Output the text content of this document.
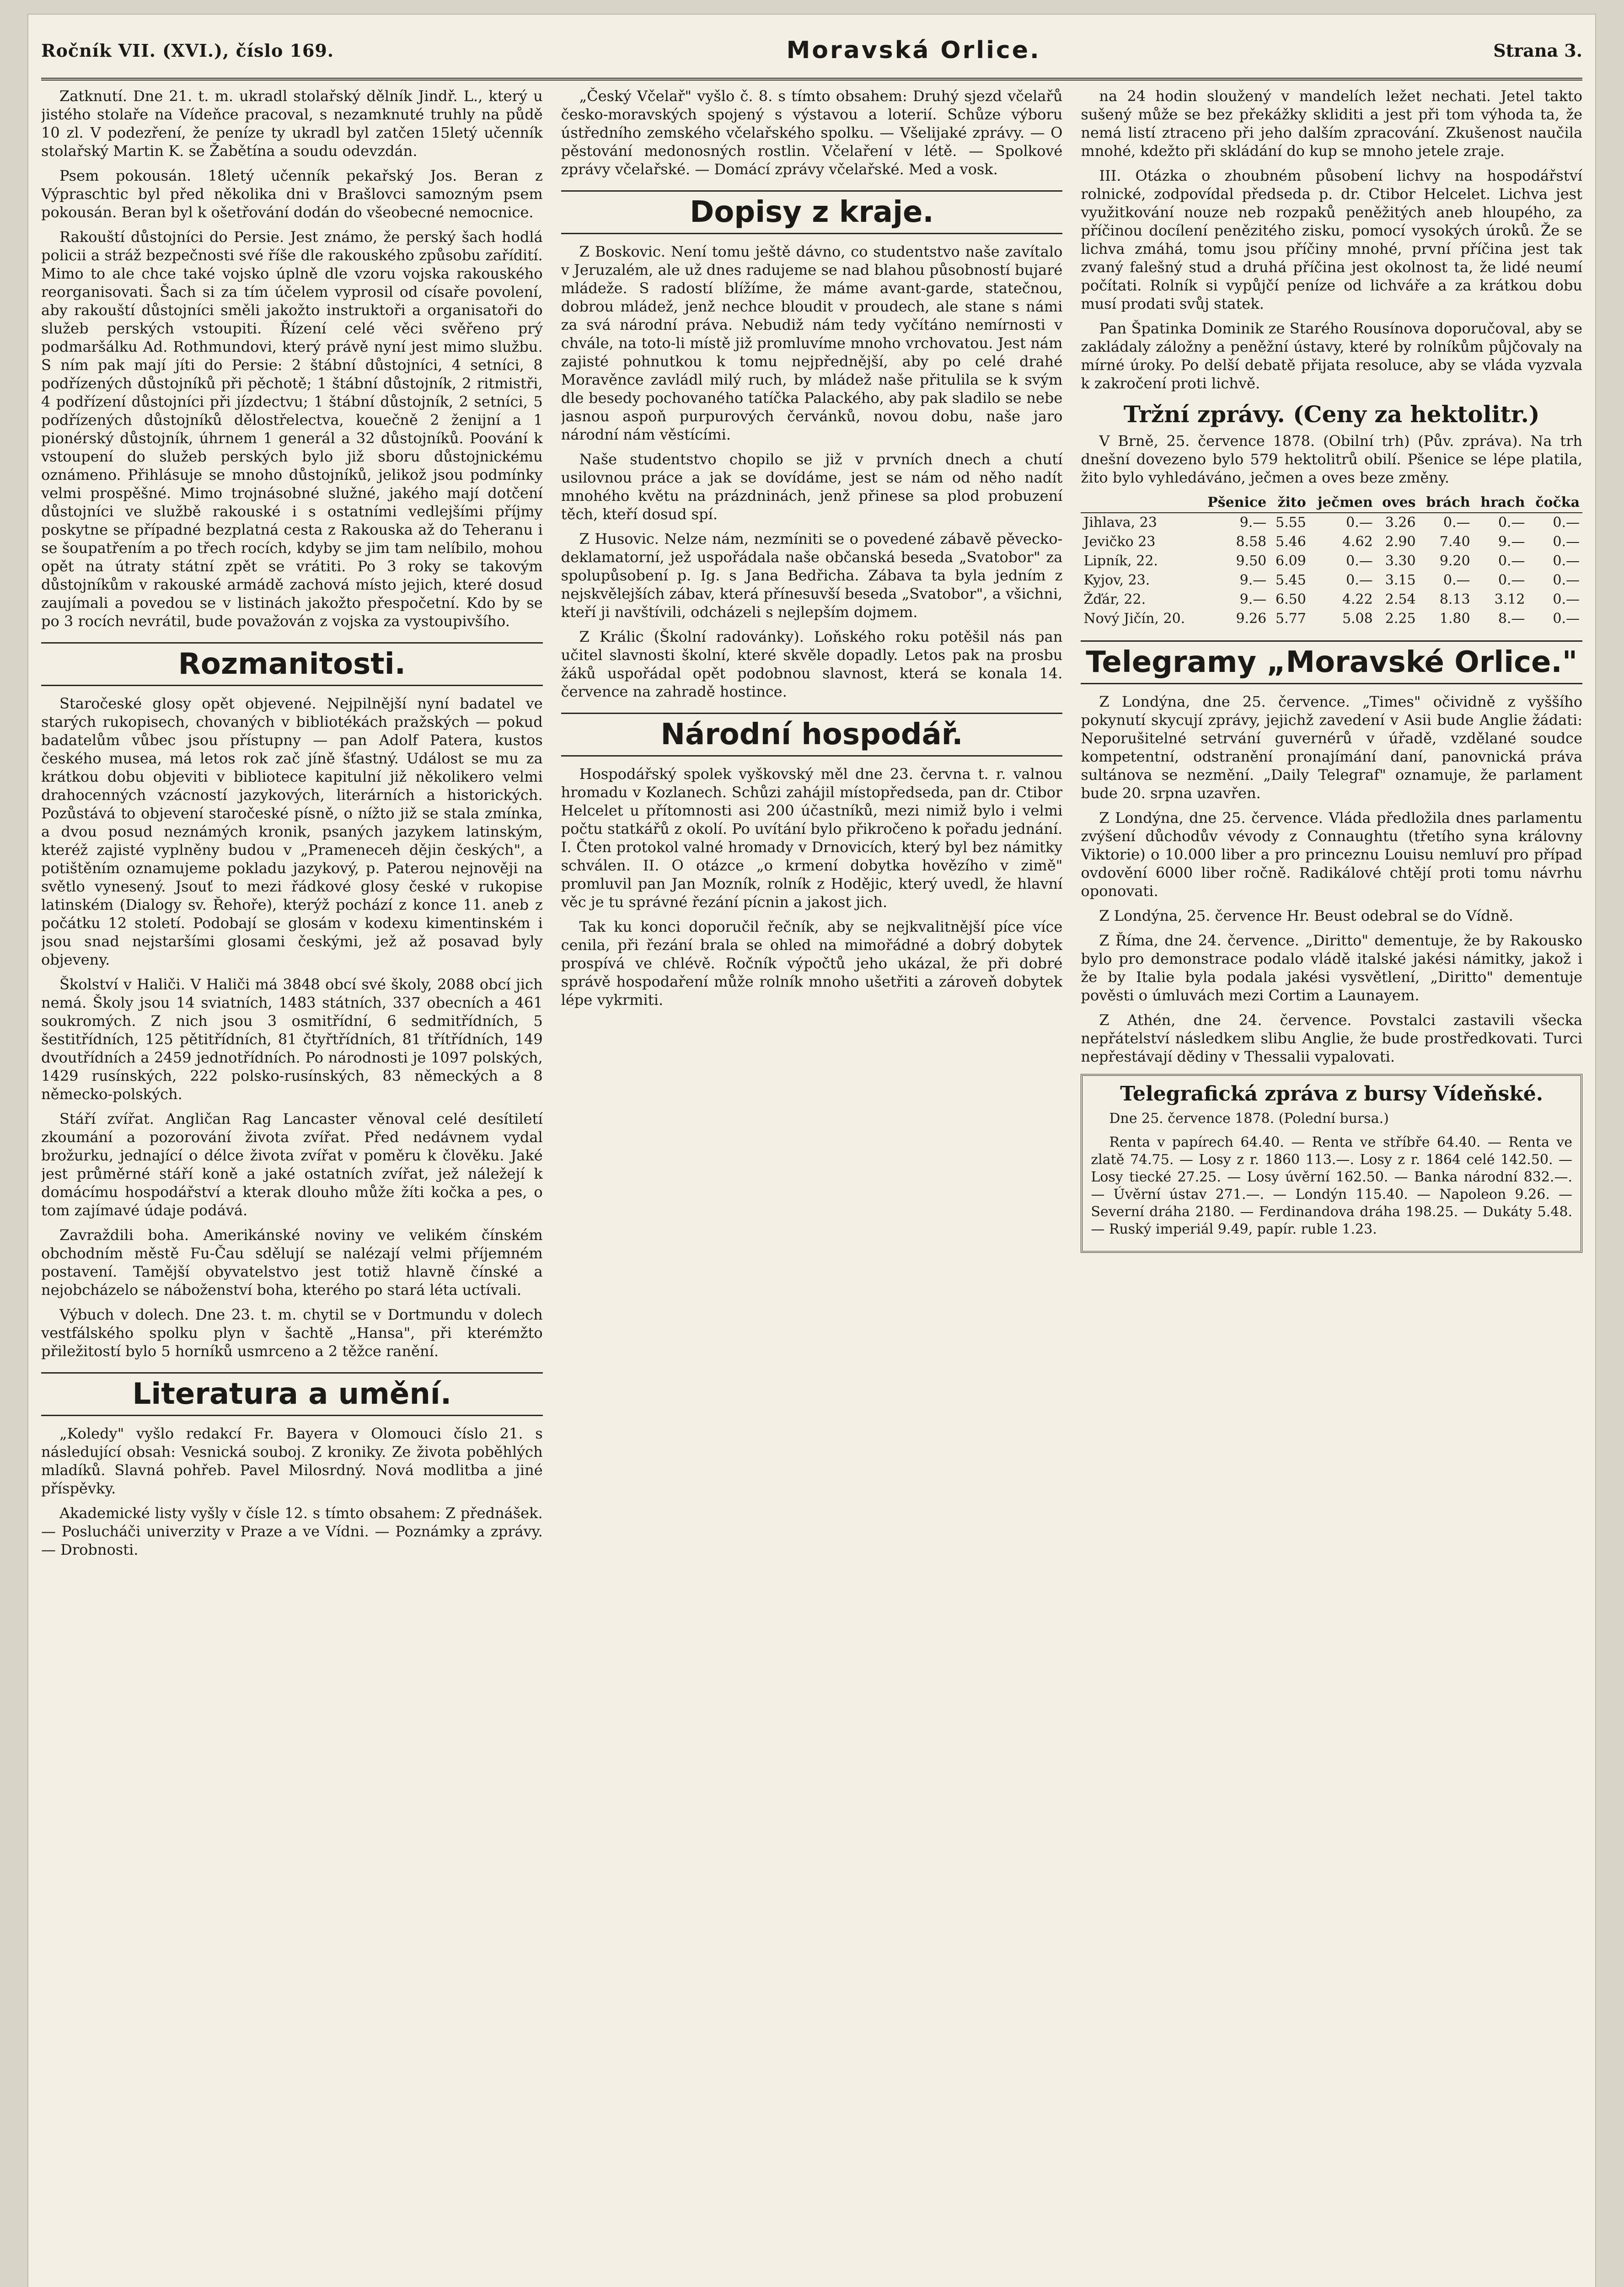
Ročník VII. (XVI.), číslo 169.	Moravská Orlice.	Strana 3.

Zatknutí. Dne 21. t. m. ukradl stolařský dělník Jindř. L., který u jistého stolaře na Vídeňce pracoval, s nezamknuté truhly na půdě 10 zl. V podezření, že peníze ty ukradl byl zatčen 15letý učenník stolařský Martin K. se Žabětína a soudu odevzdán.

Psem pokousán. 18letý učenník pekařský Jos. Beran z Výpraschtic byl před několika dni v Brašlovci samozným psem pokousán. Beran byl k ošetřování dodán do všeobecné nemocnice.

Rakouští důstojníci do Persie. Jest známo, že perský šach hodlá policii a stráž bezpečnosti své říše dle rakouského způsobu zařídití. Mimo to ale chce také vojsko úplně dle vzoru vojska rakouského reorganisovati. Šach si za tím účelem vyprosil od císaře povolení, aby rakouští důstojníci směli jakožto instruktoři a organisatoři do služeb perských vstoupiti. Řízení celé věci svěřeno prý podmaršálku Ad. Rothmundovi, který právě nyní jest mimo službu. S ním pak mají jíti do Persie: 2 štábní důstojníci, 4 setníci, 8 podřízených důstojníků při pěchotě; 1 štábní důstojník, 2 ritmistři, 4 podřízení důstojníci při jízdectvu; 1 štábní důstojník, 2 setníci, 5 podřízených důstojníků dělostřelectva, kouečně 2 ženijní a 1 pionérský důstojník, úhrnem 1 generál a 32 důstojníků. Poování k vstoupení do služeb perských bylo již sboru důstojnickému oznámeno. Přihlásuje se mnoho důstojníků, jelikož jsou podmínky velmi prospěšné. Mimo trojnásobné služné, jakého mají dotčení důstojníci ve službě rakouské i s ostatními vedlejšími příjmy poskytne se případné bezplatná cesta z Rakouska až do Teheranu i se šoupatřením a po třech rocích, kdyby se jim tam nelíbilo, mohou opět na útraty státní zpět se vrátiti. Po 3 roky se takovým důstojníkům v rakouské armádě zachová místo jejich, které dosud zaujímali a povedou se v listinách jakožto přespočetní. Kdo by se po 3 rocích nevrátil, bude považován z vojska za vystoupivšího.

Rozmanitosti.

Staročeské glosy opět objevené. Nejpilnější nyní badatel ve starých rukopisech, chovaných v bibliotékách pražských — pokud badatelům vůbec jsou přístupny — pan Adolf Patera, kustos českého musea, má letos rok zač jíně šťastný. Událost se mu za krátkou dobu objeviti v bibliotece kapitulní již několikero velmi drahocenných vzácností jazykových, literárních a historických. Pozůstává to objevení staročeské písně, o nížto již se stala zmínka, a dvou posud neznámých kronik, psaných jazykem latinským, kteréž zajisté vyplněny budou v „Prameneceh dějin českých", a potištěním oznamujeme pokladu jazykový, p. Paterou nejnověji na světlo vynesený. Jsouť to mezi řádkové glosy české v rukopise latinském (Dialogy sv. Řehoře), kterýž pochází z konce 11. aneb z počátku 12 století. Podobají se glosám v kodexu kimentinském i jsou snad nejstaršími glosami českými, jež až posavad byly objeveny.

Školství v Haliči. V Haliči má 3848 obcí své školy, 2088 obcí jich nemá. Školy jsou 14 sviatních, 1483 státních, 337 obecních a 461 soukromých. Z nich jsou 3 osmitřídní, 6 sedmitřídních, 5 šestitřídních, 125 pětitřídních, 81 čtyřtřídních, 81 třítřídních, 149 dvoutřídních a 2459 jednotřídních. Po národnosti je 1097 polských, 1429 rusínských, 222 polsko-rusínských, 83 německých a 8 německo-polských.

Stáří zvířat. Angličan Rag Lancaster věnoval celé desítiletí zkoumání a pozorování života zvířat. Před nedávnem vydal brožurku, jednající o délce života zvířat v poměru k člověku. Jaké jest průměrné stáří koně a jaké ostatních zvířat, jež náležejí k domácímu hospodářství a kterak dlouho může žíti kočka a pes, o tom zajímavé údaje podává.

Zavraždili boha. Amerikánské noviny ve velikém čínském obchodním městě Fu-Čau sdělují se nalézají velmi příjemném postavení. Tamější obyvatelstvo jest totiž hlavně čínské a nejobcházelo se náboženství boha, kterého po stará léta uctívali.

Výbuch v dolech. Dne 23. t. m. chytil se v Dortmundu v dolech vestfálského spolku plyn v šachtě „Hansa", při kterémžto přiležitostí bylo 5 horníků usmrceno a 2 těžce ranění.

Literatura a umění.

„Koledy" vyšlo redakcí Fr. Bayera v Olomouci číslo 21. s následující obsah: Vesnická souboj. Z kroniky. Ze života poběhlých mladíků. Slavná pohřeb. Pavel Milosrdný. Nová modlitba a jiné příspěvky.

Akademické listy vyšly v čísle 12. s tímto obsahem: Z přednášek. — Poslucháči univerzity v Praze a ve Vídni. — Poznámky a zprávy. — Drobnosti.

„Český Včelař" vyšlo č. 8. s tímto obsahem: Druhý sjezd včelařů česko-moravských spojený s výstavou a loterií. Schůze výboru ústředního zemského včelařského spolku. — Všelijaké zprávy. — O pěstování medonosných rostlin. Včelaření v létě. — Spolkové zprávy včelařské. — Domácí zprávy včelařské. Med a vosk.

Dopisy z kraje.

Z Boskovic. Není tomu ještě dávno, co studentstvo naše zavítalo v Jeruzalém, ale už dnes radujeme se nad blahou působností bujaré mládeže. S radostí blížíme, že máme avant-garde, statečnou, dobrou mládež, jenž nechce bloudit v proudech, ale stane s námi za svá národní práva. Nebudiž nám tedy vyčítáno nemírnosti v chvále, na toto-li místě již promluvíme mnoho vrchovatou. Jest nám zajisté pohnutkou k tomu nejpřednější, aby po celé drahé Moravěnce zavládl milý ruch, by mládež naše přitulila se k svým dle besedy pochovaného tatíčka Palackého, aby pak sladilo se nebe jasnou aspoň purpurových červánků, novou dobu, naše jaro národní nám věstícími.

Naše studentstvo chopilo se již v prvních dnech a chutí usilovnou práce a jak se dovídáme, jest se nám od něho nadít mnohého květu na prázdninách, jenž přinese sa plod probuzení těch, kteří dosud spí.

Z Husovic. Nelze nám, nezmíniti se o povedené zábavě pěvecko-deklamatorní, jež uspořádala naše občanská beseda „Svatobor" za spolupůsobení p. Ig. s Jana Bedřicha. Zábava ta byla jedním z nejskvělejších zábav, která přínesuvší beseda „Svatobor", a všichni, kteří ji navštívili, odcházeli s nejlepším dojmem.

Z Králic (Školní radovánky). Loňského roku potěšil nás pan učitel slavnosti školní, které skvěle dopadly. Letos pak na prosbu žáků uspořádal opět podobnou slavnost, která se konala 14. července na zahradě hostince.

Národní hospodář.

Hospodářský spolek vyškovský měl dne 23. června t. r. valnou hromadu v Kozlanech. Schůzi zahájil místopředseda, pan dr. Ctibor Helcelet u přítomnosti asi 200 účastníků, mezi nimiž bylo i velmi počtu statkářů z okolí. Po uvítání bylo přikročeno k pořadu jednání. I. Čten protokol valné hromady v Drnovicích, který byl bez námitky schválen. II. O otázce „o krmení dobytka hovězího v zimě" promluvil pan Jan Mozník, rolník z Hodějic, který uvedl, že hlavní věc je tu správné řezání pícnin a jakost jich.

Tak ku konci doporučil řečník, aby se nejkvalitnější píce více cenila, při řezání brala se ohled na mimořádné a dobrý dobytek prospívá ve chlévě. Ročník výpočtů jeho ukázal, že při dobré správě hospodaření může rolník mnoho ušetřiti a zároveň dobytek lépe vykrmiti.

na 24 hodin sloužený v mandelích ležet nechati. Jetel takto sušený může se bez překážky skliditi a jest při tom výhoda ta, že nemá listí ztraceno při jeho dalším zpracování. Zkušenost naučila mnohé, kdežto při skládání do kup se mnoho jetele zraje.

III. Otázka o zhoubném působení lichvy na hospodářství rolnické, zodpovídal předseda p. dr. Ctibor Helcelet. Lichva jest využitkování nouze neb rozpaků peněžitých aneb hloupého, za příčinou docílení penězitého zisku, pomocí vysokých úroků. Že se lichva zmáhá, tomu jsou příčiny mnohé, první příčina jest tak zvaný falešný stud a druhá příčina jest okolnost ta, že lidé neumí počítati. Rolník si vypůjčí peníze od lichváře a za krátkou dobu musí prodati svůj statek.

Pan Špatinka Dominik ze Starého Rousínova doporučoval, aby se zakládaly záložny a peněžní ústavy, které by rolníkům půjčovaly na mírné úroky. Po delší debatě přijata resoluce, aby se vláda vyzvala k zakročení proti lichvě.

Tržní zprávy. (Ceny za hektolitr.)

V Brně, 25. července 1878. (Obilní trh) (Pův. zpráva). Na trh dnešní dovezeno bylo 579 hektolitrů obilí. Pšenice se lépe platila, žito bylo vyhledáváno, ječmen a oves beze změny.

	Pšenice	žito	ječmen	oves	brách	hrach	čočka
Jihlava, 23	9.—	5.55	0.—	3.26	0.—	0.—	0.—
Jevičko 23	8.58	5.46	4.62	2.90	7.40	9.—	0.—
Lipník, 22.	9.50	6.09	0.—	3.30	9.20	0.—	0.—
Kyjov, 23.	9.—	5.45	0.—	3.15	0.—	0.—	0.—
Žďár, 22.	9.—	6.50	4.22	2.54	8.13	3.12	0.—
Nový Jičín, 20.	9.26	5.77	5.08	2.25	1.80	8.—	0.—
Telegramy „Moravské Orlice."

Z Londýna, dne 25. července. „Times" očividně z vyššího pokynutí skycují zprávy, jejichž zavedení v Asii bude Anglie žádati: Neporušitelné setrvání guvernérů v úřadě, vzdělané soudce kompetentní, odstranění pronajímání daní, panovnická práva sultánova se nezmění. „Daily Telegraf" oznamuje, že parlament bude 20. srpna uzavřen.

Z Londýna, dne 25. července. Vláda předložila dnes parlamentu zvýšení důchodův vévody z Connaughtu (třetího syna královny Viktorie) o 10.000 liber a pro princeznu Louisu nemluví pro případ ovdovění 6000 liber ročně. Radikálové chtějí proti tomu návrhu oponovati.

Z Londýna, 25. července Hr. Beust odebral se do Vídně.

Z Říma, dne 24. července. „Diritto" dementuje, že by Rakousko bylo pro demonstrace podalo vládě italské jakési námitky, jakož i že by Italie byla podala jakési vysvětlení, „Diritto" dementuje pověsti o úmluvách mezi Cortim a Launayem.

Z Athén, dne 24. července. Povstalci zastavili všecka nepřátelství následkem slibu Anglie, že bude prostředkovati. Turci nepřestávají dědiny v Thessalii vypalovati.

Telegrafická zpráva z bursy Vídeňské.

Dne 25. července 1878. (Polední bursa.)

Renta v papírech 64.40. — Renta ve stříbře 64.40. — Renta ve zlatě 74.75. — Losy z r. 1860 113.—. Losy z r. 1864 celé 142.50. — Losy tiecké 27.25. — Losy úvěrní 162.50. — Banka národní 832.—. — Úvěrní ústav 271.—. — Londýn 115.40. — Napoleon 9.26. — Severní dráha 2180. — Ferdinandova dráha 198.25. — Dukáty 5.48. — Ruský imperiál 9.49, papír. ruble 1.23.
